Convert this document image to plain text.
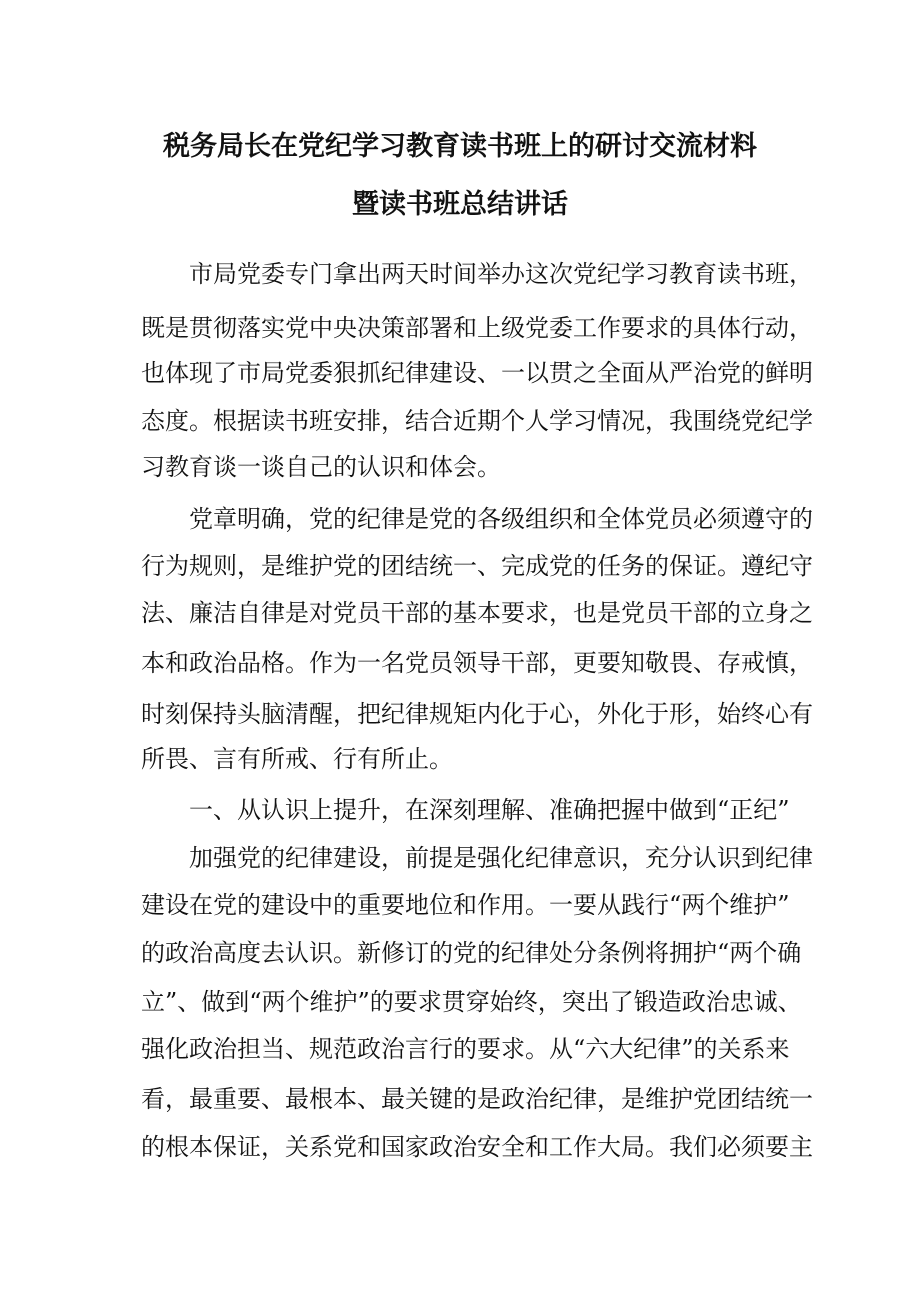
税务局长在党纪学习教育读书班上的研讨交流材料
暨读书班总结讲话
市局党委专门拿出两天时间举办这次党纪学习教育读书班，
既是贯彻落实党中央决策部署和上级党委工作要求的具体行动，
也体现了市局党委狠抓纪律建设、一以贯之全面从严治党的鲜明
态度。根据读书班安排，结合近期个人学习情况，我围绕党纪学
习教育谈一谈自己的认识和体会。
党章明确，党的纪律是党的各级组织和全体党员必须遵守的
行为规则，是维护党的团结统一、完成党的任务的保证。遵纪守
法、廉洁自律是对党员干部的基本要求，也是党员干部的立身之
本和政治品格。作为一名党员领导干部，更要知敬畏、存戒慎，
时刻保持头脑清醒，把纪律规矩内化于心，外化于形，始终心有
所畏、言有所戒、行有所止。
一、从认识上提升，在深刻理解、准确把握中做到“正纪”
加强党的纪律建设，前提是强化纪律意识，充分认识到纪律
建设在党的建设中的重要地位和作用。一要从践行“两个维护”
的政治高度去认识。新修订的党的纪律处分条例将拥护“两个确
立”、做到“两个维护”的要求贯穿始终，突出了锻造政治忠诚、
强化政治担当、规范政治言行的要求。从“六大纪律”的关系来
看，最重要、最根本、最关键的是政治纪律，是维护党团结统一
的根本保证，关系党和国家政治安全和工作大局。我们必须要主
